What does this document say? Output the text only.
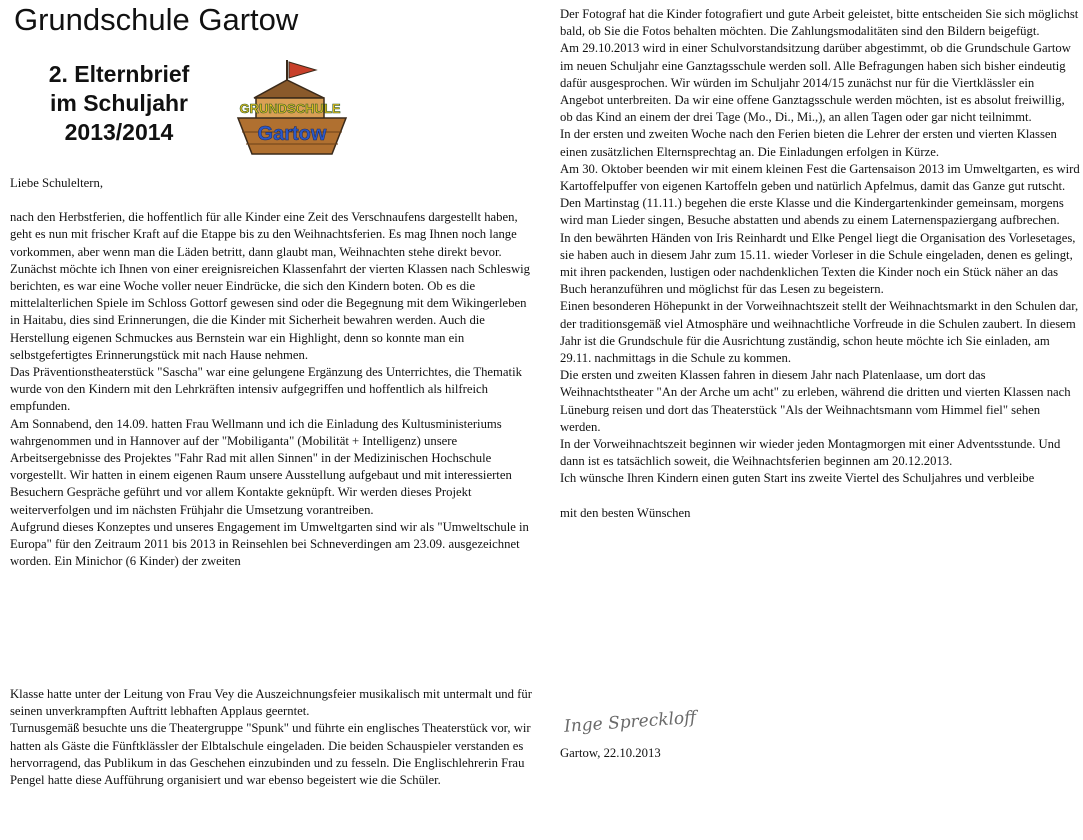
Grundschule Gartow
2. Elternbrief
im Schuljahr
2013/2014
GRUNDSCHULE
Gartow

Liebe Schuleltern,

nach den Herbstferien, die hoffentlich für alle Kinder eine Zeit des Verschnaufens dargestellt haben, geht es nun mit frischer Kraft auf die Etappe bis zu den Weihnachtsferien. Es mag Ihnen noch lange vorkommen, aber wenn man die Läden betritt, dann glaubt man, Weihnachten stehe direkt bevor.

Zunächst möchte ich Ihnen von einer ereignisreichen Klassenfahrt der vierten Klassen nach Schleswig berichten, es war eine Woche voller neuer Eindrücke, die sich den Kindern boten. Ob es die mittelalterlichen Spiele im Schloss Gottorf gewesen sind oder die Begegnung mit dem Wikingerleben in Haitabu, dies sind Erinnerungen, die die Kinder mit Sicherheit bewahren werden. Auch die Herstellung eigenen Schmuckes aus Bernstein war ein Highlight, denn so konnte man ein selbstgefertigtes Erinnerungstück mit nach Hause nehmen.

Das Präventionstheaterstück "Sascha" war eine gelungene Ergänzung des Unterrichtes, die Thematik wurde von den Kindern mit den Lehrkräften intensiv aufgegriffen und hoffentlich als hilfreich empfunden.

Am Sonnabend, den 14.09. hatten Frau Wellmann und ich die Einladung des Kultusministeriums wahrgenommen und in Hannover auf der "Mobiliganta" (Mobilität + Intelligenz) unsere Arbeitsergebnisse des Projektes "Fahr Rad mit allen Sinnen" in der Medizinischen Hochschule vorgestellt. Wir hatten in einem eigenen Raum unsere Ausstellung aufgebaut und mit interessierten Besuchern Gespräche geführt und vor allem Kontakte geknüpft. Wir werden dieses Projekt weiterverfolgen und im nächsten Frühjahr die Umsetzung vorantreiben.

Aufgrund dieses Konzeptes und unseres Engagement im Umweltgarten sind wir als "Umweltschule in Europa" für den Zeitraum 2011 bis 2013 in Reinsehlen bei Schneverdingen am 23.09. ausgezeichnet worden. Ein Minichor (6 Kinder) der zweiten

Klasse hatte unter der Leitung von Frau Vey die Auszeichnungsfeier musikalisch mit untermalt und für seinen unverkrampften Auftritt lebhaften Applaus geerntet.

Turnusgemäß besuchte uns die Theatergruppe "Spunk" und führte ein englisches Theaterstück vor, wir hatten als Gäste die Fünftklässler der Elbtalschule eingeladen. Die beiden Schauspieler verstanden es hervorragend, das Publikum in das Geschehen einzubinden und zu fesseln. Die Englischlehrerin Frau Pengel hatte diese Aufführung organisiert und war ebenso begeistert wie die Schüler.

Der Fotograf hat die Kinder fotografiert und gute Arbeit geleistet, bitte entscheiden Sie sich möglichst bald, ob Sie die Fotos behalten möchten. Die Zahlungsmodalitäten sind den Bildern beigefügt.

Am 29.10.2013 wird in einer Schulvorstandsitzung darüber abgestimmt, ob die Grundschule Gartow im neuen Schuljahr eine Ganztagsschule werden soll. Alle Befragungen haben sich bisher eindeutig dafür ausgesprochen. Wir würden im Schuljahr 2014/15 zunächst nur für die Viertklässler ein Angebot unterbreiten. Da wir eine offene Ganztagsschule werden möchten, ist es absolut freiwillig, ob das Kind an einem der drei Tage (Mo., Di., Mi.,), an allen Tagen oder gar nicht teilnimmt.

In der ersten und zweiten Woche nach den Ferien bieten die Lehrer der ersten und vierten Klassen einen zusätzlichen Elternsprechtag an. Die Einladungen erfolgen in Kürze.

Am 30. Oktober beenden wir mit einem kleinen Fest die Gartensaison 2013 im Umweltgarten, es wird Kartoffelpuffer von eigenen Kartoffeln geben und natürlich Apfelmus, damit das Ganze gut rutscht.

Den Martinstag (11.11.) begehen die erste Klasse und die Kindergartenkinder gemeinsam, morgens wird man Lieder singen, Besuche abstatten und abends zu einem Laternenspaziergang aufbrechen.

In den bewährten Händen von Iris Reinhardt und Elke Pengel liegt die Organisation des Vorlesetages, sie haben auch in diesem Jahr zum 15.11. wieder Vorleser in die Schule eingeladen, denen es gelingt, mit ihren packenden, lustigen oder nachdenklichen Texten die Kinder noch ein Stück näher an das Buch heranzuführen und möglichst für das Lesen zu begeistern.

Einen besonderen Höhepunkt in der Vorweihnachtszeit stellt der Weihnachtsmarkt in den Schulen dar, der traditionsgemäß viel Atmosphäre und weihnachtliche Vorfreude in die Schulen zaubert. In diesem Jahr ist die Grundschule für die Ausrichtung zuständig, schon heute möchte ich Sie einladen, am 29.11. nachmittags in die Schule zu kommen.

Die ersten und zweiten Klassen fahren in diesem Jahr nach Platenlaase, um dort das Weihnachtstheater "An der Arche um acht" zu erleben, während die dritten und vierten Klassen nach Lüneburg reisen und dort das Theaterstück "Als der Weihnachtsmann vom Himmel fiel" sehen werden.

In der Vorweihnachtszeit beginnen wir wieder jeden Montagmorgen mit einer Adventsstunde. Und dann ist es tatsächlich soweit, die Weihnachtsferien beginnen am 20.12.2013.

Ich wünsche Ihren Kindern einen guten Start ins zweite Viertel des Schuljahres und verbleibe

mit den besten Wünschen

Inge Spreckloff
Gartow, 22.10.2013
